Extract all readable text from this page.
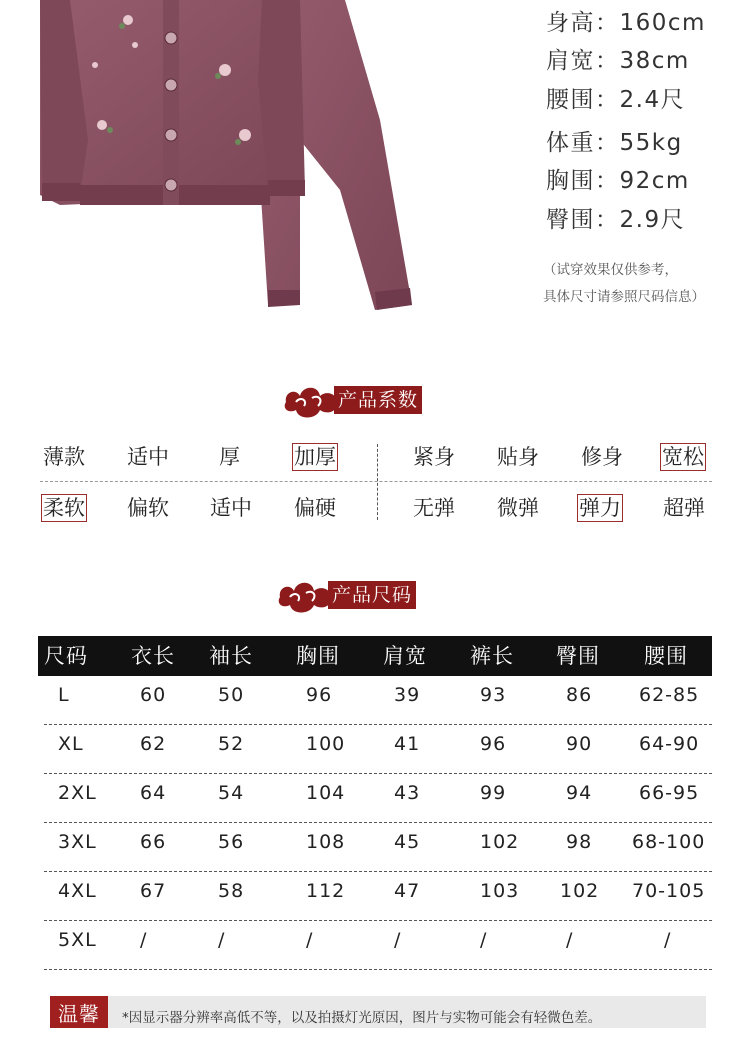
身高：160cm
肩宽：38cm
腰围：2.4尺
体重：55kg
胸围：92cm
臀围：2.9尺
（试穿效果仅供参考，
具体尺寸请参照尺码信息）
产品系数
薄款 适中 厚	加厚	紧身 贴身 修身 宽松
柔软 偏软 适中 偏硬	无弹 微弹 弹力 超弹
产品尺码
尺码 衣长 袖长 胸围 肩宽 裤长 臀围 腰围
L	60	50	96	39	93	86 62-85
XL	62	52	100	41	96	90 64-90
2XL 64	54	104	43	99	94 66-95
3XL 66	56	108	45	102 98 68-100
4XL 67	58	112	47	103 102 70-105
5XL /	/	/	/	/	/	/
温馨	*因显示器分辨率高低不等，以及拍摄灯光原因，图片与实物可能会有轻微色差。
